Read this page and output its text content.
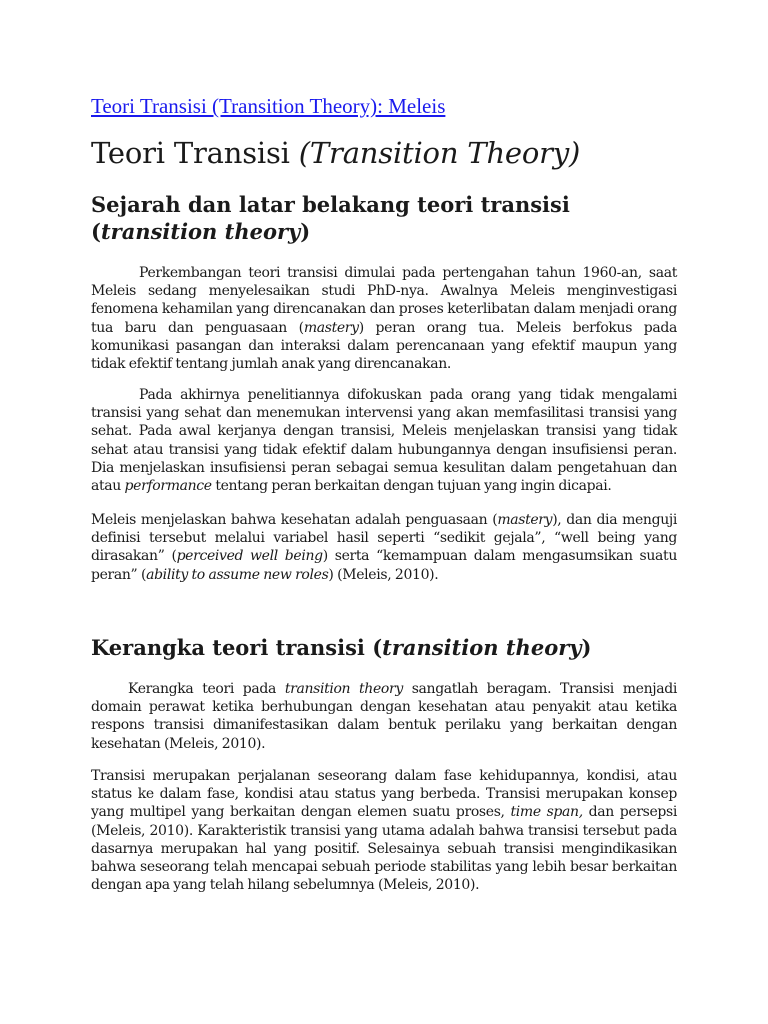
Teori Transisi (Transition Theory): Meleis
Teori Transisi (Transition Theory)
Sejarah dan latar belakang teori transisi
(transition theory)

Perkembangan teori transisi dimulai pada pertengahan tahun 1960-an, saat Meleis sedang menyelesaikan studi PhD-nya. Awalnya Meleis menginvestigasi fenomena kehamilan yang direncanakan dan proses keterlibatan dalam menjadi orang tua baru dan penguasaan (mastery) peran orang tua. Meleis berfokus pada komunikasi pasangan dan interaksi dalam perencanaan yang efektif maupun yang tidak efektif tentang jumlah anak yang direncanakan.

Pada akhirnya penelitiannya difokuskan pada orang yang tidak mengalami transisi yang sehat dan menemukan intervensi yang akan memfasilitasi transisi yang sehat. Pada awal kerjanya dengan transisi, Meleis menjelaskan transisi yang tidak sehat atau transisi yang tidak efektif dalam hubungannya dengan insufisiensi peran. Dia menjelaskan insufisiensi peran sebagai semua kesulitan dalam pengetahuan dan atau performance tentang peran berkaitan dengan tujuan yang ingin dicapai.

Meleis menjelaskan bahwa kesehatan adalah penguasaan (mastery), dan dia menguji definisi tersebut melalui variabel hasil seperti “sedikit gejala”, “well being yang dirasakan” (perceived well being) serta “kemampuan dalam mengasumsikan suatu peran” (ability to assume new roles) (Meleis, 2010).

Kerangka teori transisi (transition theory)

Kerangka teori pada transition theory sangatlah beragam. Transisi menjadi domain perawat ketika berhubungan dengan kesehatan atau penyakit atau ketika respons transisi dimanifestasikan dalam bentuk perilaku yang berkaitan dengan kesehatan (Meleis, 2010).

Transisi merupakan perjalanan seseorang dalam fase kehidupannya, kondisi, atau status ke dalam fase, kondisi atau status yang berbeda. Transisi merupakan konsep yang multipel yang berkaitan dengan elemen suatu proses, time span, dan persepsi (Meleis, 2010). Karakteristik transisi yang utama adalah bahwa transisi tersebut pada dasarnya merupakan hal yang positif. Selesainya sebuah transisi mengindikasikan bahwa seseorang telah mencapai sebuah periode stabilitas yang lebih besar berkaitan dengan apa yang telah hilang sebelumnya (Meleis, 2010).
